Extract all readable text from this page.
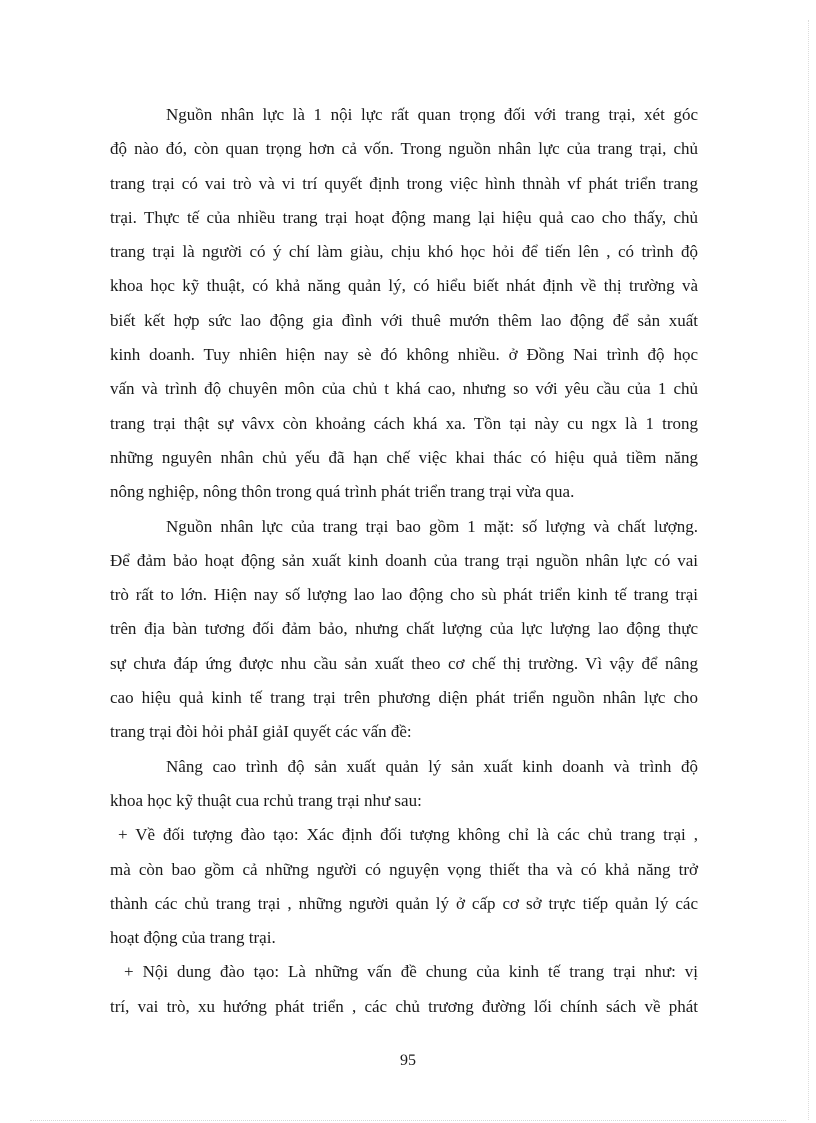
Nguồn nhân lực là 1 nội lực rất quan trọng đối với trang trại, xét góc
độ nào đó, còn quan trọng hơn cả vốn. Trong nguồn nhân lực của trang trại, chủ
trang trại có vai trò và vi trí quyết định trong việc hình thnàh vf phát triển trang
trại. Thực tế của nhiều trang trại hoạt động mang lại hiệu quả cao cho thấy, chủ
trang trại là người có ý chí làm giàu, chịu khó học hỏi để tiến lên , có trình độ
khoa học kỹ thuật, có khả năng quản lý, có hiểu biết nhát định về thị trường và
biết kết hợp sức lao động gia đình với thuê mướn thêm lao động để sản xuất
kinh doanh. Tuy nhiên hiện nay sè đó không nhiều. ở Đồng Nai trình độ học
vấn và trình độ chuyên môn của chủ t khá cao, nhưng so với yêu cầu của 1 chủ
trang trại thật sự vâvx còn khoảng cách khá xa. Tồn tại này cu ngx là 1 trong
những nguyên nhân chủ yếu đã hạn chế việc khai thác có hiệu quả tiềm năng
nông nghiệp, nông thôn trong quá trình phát triển trang trại vừa qua.
Nguồn nhân lực của trang trại bao gồm 1 mặt: số lượng và chất lượng.
Để đảm bảo hoạt động sản xuất kinh doanh của trang trại nguồn nhân lực có vai
trò rất to lớn. Hiện nay số lượng lao lao động cho sù phát triển kinh tế trang trại
trên địa bàn tương đối đảm bảo, nhưng chất lượng của lực lượng lao động thực
sự chưa đáp ứng được nhu cầu sản xuất theo cơ chế thị trường. Vì vậy để nâng
cao hiệu quả kinh tế trang trại trên phương diện phát triển nguồn nhân lực cho
trang trại đòi hỏi phảI giảI quyết các vấn đề:
Nâng cao trình độ sản xuất quản lý sản xuất kinh doanh và trình độ
khoa học kỹ thuật cua rchủ trang trại như sau:
+ Về đối tượng đào tạo: Xác định đối tượng không chỉ là các chủ trang trại ,
mà còn bao gồm cả những người có nguyện vọng thiết tha và có khả năng trở
thành các chủ trang trại , những người quản lý ở cấp cơ sở trực tiếp quản lý các
hoạt động của trang trại.
+ Nội dung đào tạo: Là những vấn đề chung của kinh tế trang trại như: vị
trí, vai trò, xu hướng phát triển , các chủ trương đường lối chính sách về phát
95
